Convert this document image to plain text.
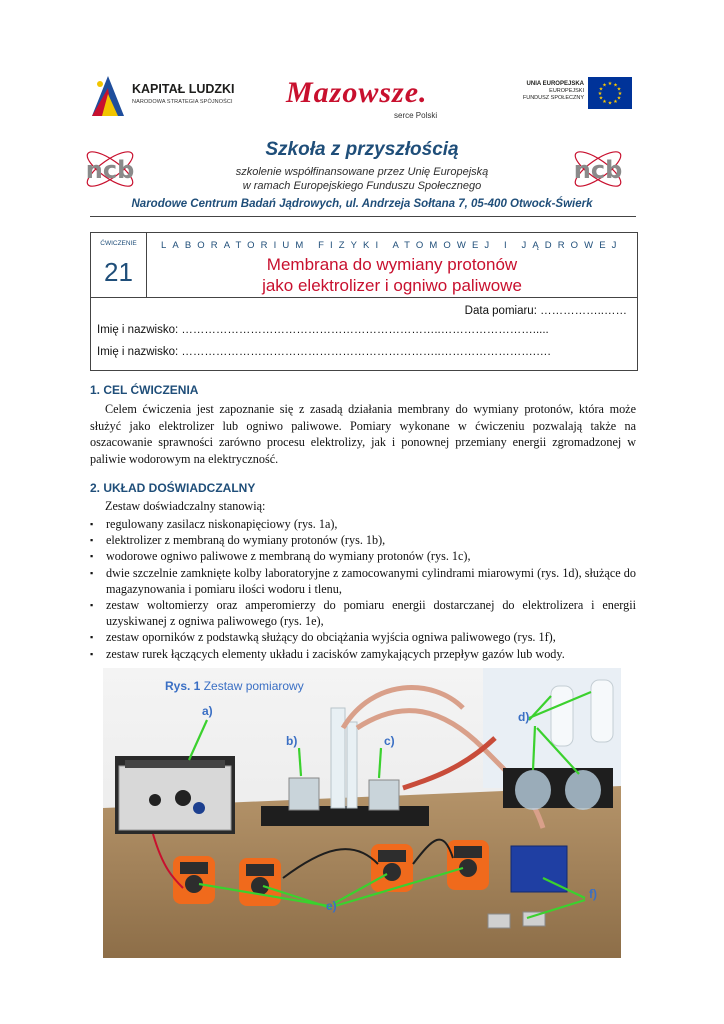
KAPITAŁ LUDZKI
NARODOWA STRATEGIA SPÓJNOŚCI Mazowsze.
serce Polski
UNIA EUROPEJSKA
EUROPEJSKI
FUNDUSZ SPOŁECZNY
★ ★
★
★
★
★
★
★
★
★
★
★
ncb	ncb
Szkoła z przyszłością
szkolenie współfinansowane przez Unię Europejską
w ramach Europejskiego Funduszu Społecznego
Narodowe Centrum Badań Jądrowych, ul. Andrzeja Sołtana 7, 05-400 Otwock-Świerk
ĆWICZENIE
21
LABORATORIUM FIZYKI ATOMOWEJ I JĄDROWEJ
Membrana do wymiany protonów
jako elektrolizer i ogniwo paliwowe
Data pomiaru: ……………..……
Imię i nazwisko: …………………………………………………………..…………………….....
Imię i nazwisko: …………………………………………………………..…………………….….
1. CEL ĆWICZENIA
Celem ćwiczenia jest zapoznanie się z zasadą działania membrany do wymiany protonów, która może służyć jako elektrolizer lub ogniwo paliwowe. Pomiary wykonane w ćwiczeniu pozwalają także na oszacowanie sprawności zarówno procesu elektrolizy, jak i ponownej przemiany energii zgromadzonej w paliwie wodorowym na elektryczność.
2. UKŁAD DOŚWIADCZALNY
Zestaw doświadczalny stanowią:
▪ regulowany zasilacz niskonapięciowy (rys. 1a),
▪ elektrolizer z membraną do wymiany protonów (rys. 1b),
▪ wodorowe ogniwo paliwowe z membraną do wymiany protonów (rys. 1c),
▪ dwie szczelnie zamknięte kolby laboratoryjne z zamocowanymi cylindrami miarowymi (rys. 1d), służące do magazynowania i pomiaru ilości wodoru i tlenu,
▪ zestaw woltomierzy oraz amperomierzy do pomiaru energii dostarczanej do elektrolizera i energii uzyskiwanej z ogniwa paliwowego (rys. 1e),
▪ zestaw oporników z podstawką służący do obciążania wyjścia ogniwa paliwowego (rys. 1f),
▪ zestaw rurek łączących elementy układu i zacisków zamykających przepływ gazów lub wody.
Rys. 1 Zestaw pomiarowy
a)
b)	c)
d)
e)
f)
